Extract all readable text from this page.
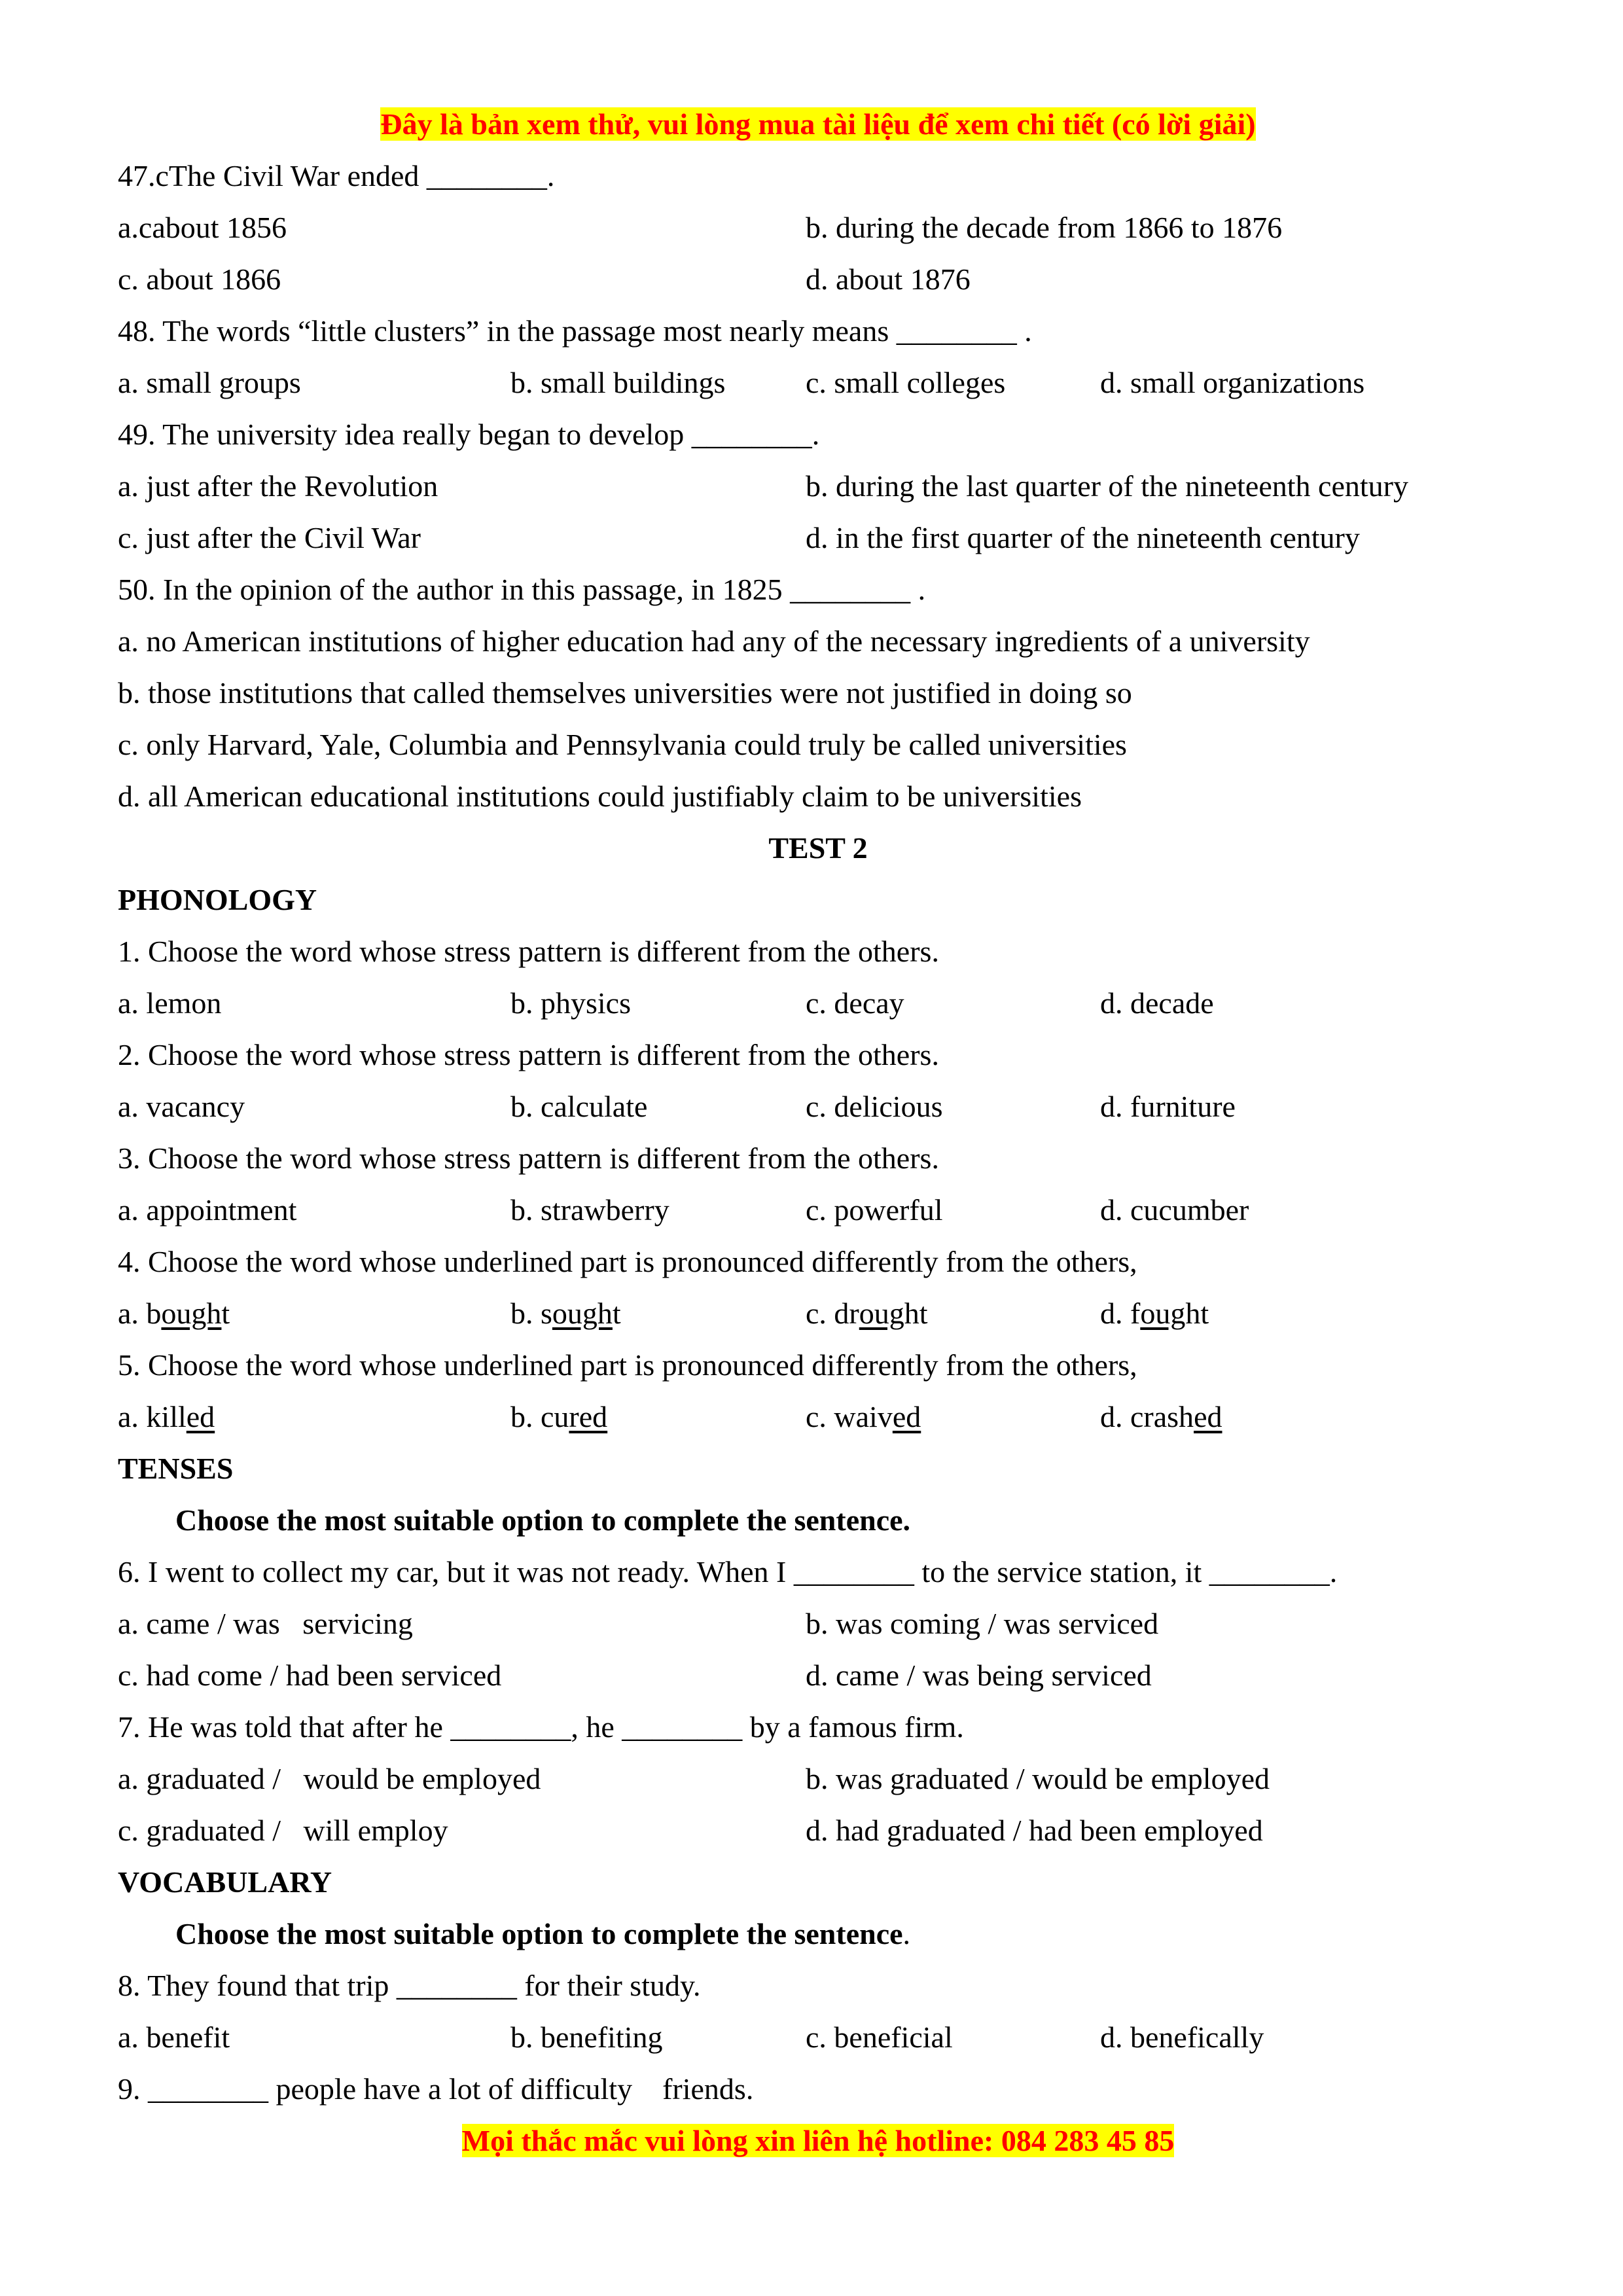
Đây là bản xem thử, vui lòng mua tài liệu để xem chi tiết (có lời giải)
47.cThe Civil War ended ________.
a.cabout 1856	b. during the decade from 1866 to 1876
c. about 1866	d. about 1876
48. The words “little clusters” in the passage most nearly means ________ .
a. small groups	b. small buildings	c. small colleges	d. small organizations
49. The university idea really began to develop ________.
a. just after the Revolution	b. during the last quarter of the nineteenth century
c. just after the Civil War	d. in the first quarter of the nineteenth century
50. In the opinion of the author in this passage, in 1825 ________ .
a. no American institutions of higher education had any of the necessary ingredients of a university
b. those institutions that called themselves universities were not justified in doing so
c. only Harvard, Yale, Columbia and Pennsylvania could truly be called universities
d. all American educational institutions could justifiably claim to be universities
TEST 2
PHONOLOGY
1. Choose the word whose stress pattern is different from the others.
a. lemon	b. physics	c. decay	d. decade
2. Choose the word whose stress pattern is different from the others.
a. vacancy	b. calculate	c. delicious	d. furniture
3. Choose the word whose stress pattern is different from the others.
a. appointment	b. strawberry	c. powerful	d. cucumber
4. Choose the word whose underlined part is pronounced differently from the others,
a. bought	b. sought	c. drought	d. fought
5. Choose the word whose underlined part is pronounced differently from the others,
a. killed	b. cured	c. waived	d. crashed
TENSES
Choose the most suitable option to complete the sentence.
6. I went to collect my car, but it was not ready. When I ________ to the service station, it ________.
a. came / was   servicing	b. was coming / was serviced
c. had come / had been serviced	d. came / was being serviced
7. He was told that after he ________, he ________ by a famous firm.
a. graduated /   would be employed	b. was graduated / would be employed
c. graduated /   will employ	d. had graduated / had been employed
VOCABULARY
Choose the most suitable option to complete the sentence.
8. They found that trip ________ for their study.
a. benefit	b. benefiting	c. beneficial	d. benefically
9. ________ people have a lot of difficulty    friends.
Mọi thắc mắc vui lòng xin liên hệ hotline: 084 283 45 85
